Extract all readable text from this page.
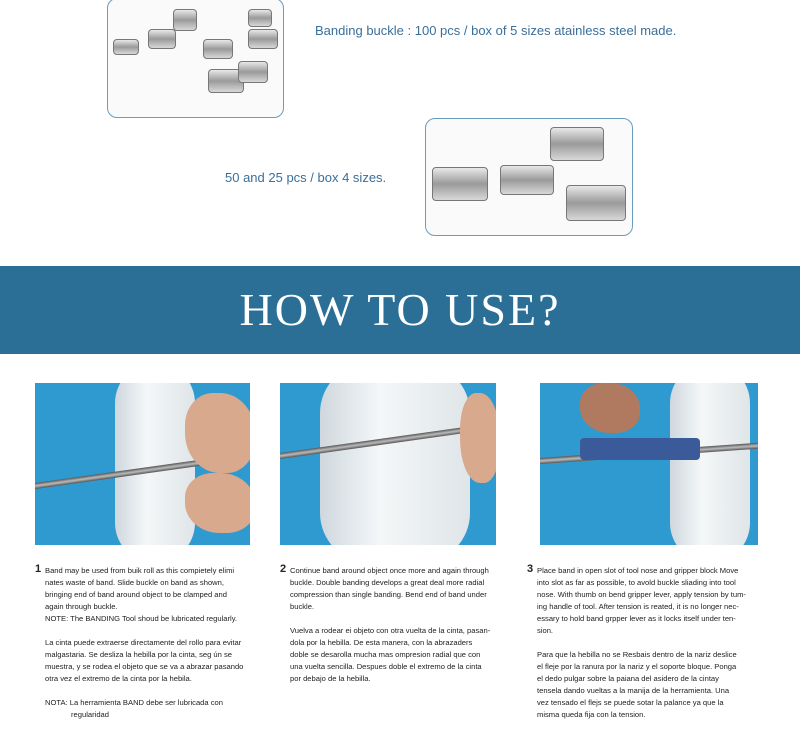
Banding buckle : 100 pcs / box of 5 sizes atainless steel made.
50 and 25 pcs / box 4 sizes.
HOW TO USE?
1 Band may be used from buik roll as this compietely elimi
nates waste of band. Slide buckle on band as shown,
bringing end of band around object to be clamped and
again through buckle.
NOTE: The BANDING Tool shoud be lubricated regularly.
La cinta puede extraerse directamente del rollo para evitar
malgastaria. Se desliza la hebilla por la cinta, seg ún se
muestra, y se rodea el objeto que se va a abrazar pasando
otra vez el extremo de la cinta por la hebila.
NOTA: La herramienta BAND debe ser lubricada con
regularidad
2 Continue band around object once more and again through
buckle. Double banding develops a great deal more radial
compression than single banding. Bend end of band under
buckle.
Vuelva a rodear ei objeto con otra vuelta de la cinta, pasan-
dola por la hebilla. De esta manera, con la abrazaders
doble se desarolla mucha mas ompresion radial que con
una vuelta sencilla. Despues doble el extremo de la cinta
por debajo de la hebilla.
3 Place band in open slot of tool nose and gripper block Move
into slot as far as possible, to avold buckle sliading into tool
nose. With thumb on bend gripper lever, apply tension by tum-
ing handle of tool. After tension is reated, it is no longer nec-
essary to hold band grpper lever as it locks itself under ten-
sion.
Para que la hebilla no se Resbais dentro de la nariz deslice
el fleje por la ranura por la nariz y el soporte bloque. Ponga
el dedo pulgar sobre la paiana del asidero de la cintay
tensela dando vueltas a la manija de la herramienta. Una
vez tensado el flejs se puede sotar la palance ya que la
misma queda fija con la tension.
